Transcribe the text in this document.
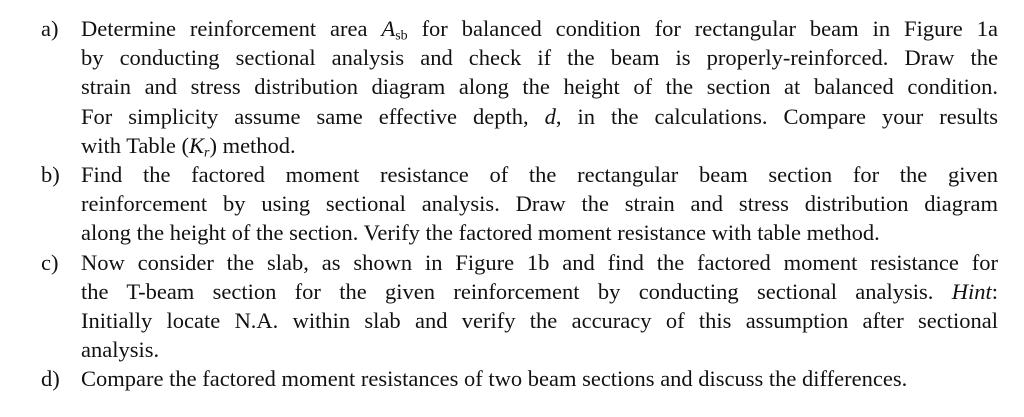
a)	Determine reinforcement area $A_{sb}$ for balanced condition for rectangular beam in Figure 1a
by conducting sectional analysis and check if the beam is properly-reinforced. Draw the
strain and stress distribution diagram along the height of the section at balanced condition.
For simplicity assume same effective depth, d, in the calculations. Compare your results
with Table $(K_r)$ method.
b) Find the factored moment resistance of the rectangular beam section for the given
reinforcement by using sectional analysis. Draw the strain and stress distribution diagram
along the height of the section. Verify the factored moment resistance with table method.
c)	Now consider the slab, as shown in Figure 1b and find the factored moment resistance for
the T-beam section for the given reinforcement by conducting sectional analysis. Hint:
Initially locate N.A. within slab and verify the accuracy of this assumption after sectional
analysis.
d) Compare the factored moment resistances of two beam sections and discuss the differences.
